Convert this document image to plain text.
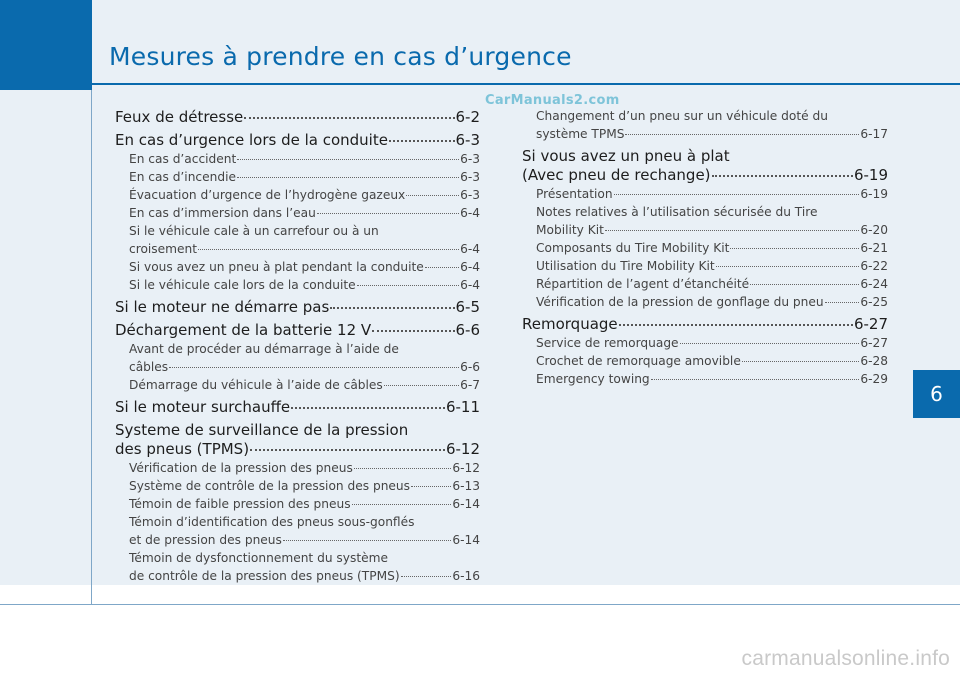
Mesures à prendre en cas d’urgence
CarManuals2.com
Feux de détresse	6-2
En cas d’urgence lors de la conduite	6-3
En cas d’accident	6-3
En cas d’incendie	6-3
Évacuation d’urgence de l’hydrogène gazeux	6-3
En cas d’immersion dans l’eau	6-4
Si le véhicule cale à un carrefour ou à un
croisement	6-4
Si vous avez un pneu à plat pendant la conduite	6-4
Si le véhicule cale lors de la conduite	6-4
Si le moteur ne démarre pas	6-5
Déchargement de la batterie 12 V	6-6
Avant de procéder au démarrage à l’aide de
câbles	6-6
Démarrage du véhicule à l’aide de câbles	6-7
Si le moteur surchauffe	6-11
Systeme de surveillance de la pression
des pneus (TPMS)	6-12
Vérification de la pression des pneus	6-12
Système de contrôle de la pression des pneus	6-13
Témoin de faible pression des pneus	6-14
Témoin d’identification des pneus sous-gonflés
et de pression des pneus	6-14
Témoin de dysfonctionnement du système
de contrôle de la pression des pneus (TPMS)	6-16
Changement d’un pneu sur un véhicule doté du
système TPMS	6-17
Si vous avez un pneu à plat
(Avec pneu de rechange)	6-19
Présentation	6-19
Notes relatives à l’utilisation sécurisée du Tire
Mobility Kit	6-20
Composants du Tire Mobility Kit	6-21
Utilisation du Tire Mobility Kit	6-22
Répartition de l’agent d’étanchéité	6-24
Vérification de la pression de gonflage du pneu	6-25
Remorquage	6-27
Service de remorquage	6-27
Crochet de remorquage amovible	6-28
Emergency towing	6-29
6
carmanualsonline.info
